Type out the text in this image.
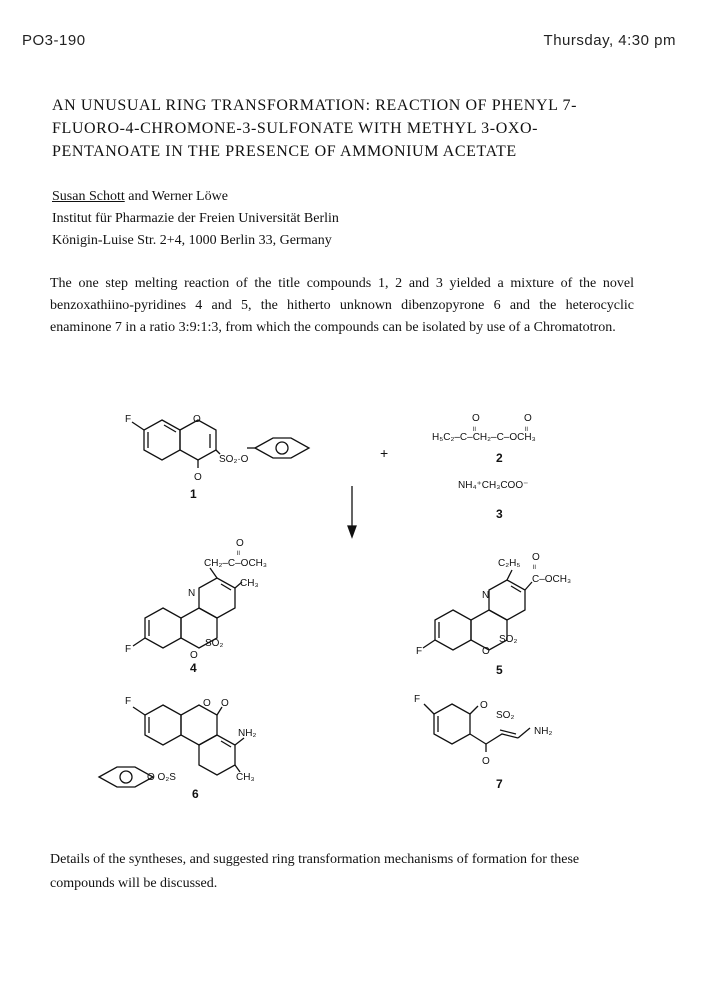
PO3-190	Thursday, 4:30 pm
AN UNUSUAL RING TRANSFORMATION: REACTION OF PHENYL 7-
FLUORO-4-CHROMONE-3-SULFONATE WITH METHYL 3-OXO-
PENTANOATE IN THE PRESENCE OF AMMONIUM ACETATE
Susan Schott and Werner Löwe
Institut für Pharmazie der Freien Universität Berlin
Königin-Luise Str. 2+4, 1000 Berlin 33, Germany

The one step melting reaction of the title compounds 1, 2 and 3 yielded a mixture of the novel benzoxathiino-pyridines 4 and 5, the hitherto unknown dibenzopyrone 6 and the heterocyclic enaminone 7 in a ratio 3:9:1:3, from which the compounds can be isolated by use of a Chromatotron.

F	O
O
SO₂·O
1
+
O	O
॥	॥
H₅C₂–C–CH₂–C–OCH₃
2
NH₄⁺CH₃COO⁻
3
O
॥
CH₂–C–OCH₃
CH₃
N
F
O
SO₂
4
C₂H₅
O
॥
C–OCH₃
N
F	O
SO₂
5
F	O O
NH₂
O O₂S	CH₃
6
F
O
SO₂
NH₂
O
7

Details of the syntheses, and suggested ring transformation mechanisms of formation for these compounds will be discussed.
